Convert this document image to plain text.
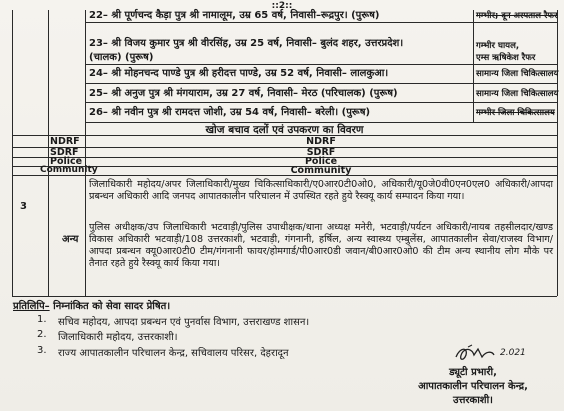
::2::
22– श्री पूर्णचन्द कैड़ा पुत्र श्री नामालूम, उम्र 65 वर्ष, निवासी–रूद्रपुर। (पुरूष)	गम्भीर; दून अस्पताल रैफर
23– श्री विजय कुमार पुत्र श्री वीरसिंह, उम्र 25 वर्ष, निवासी– बुलंद शहर, उत्तरप्रदेश।	गम्भीर घायल,
(चालक) (पुरूष)	एम्स ऋषिकेश रैफर
24– श्री मोहनचन्द पाण्डे पुत्र श्री हरीदत्त पाण्डे, उम्र 52 वर्ष, निवासी– लालकुआ।	सामान्य जिला चिकित्सालय
25– श्री अनुज पुत्र श्री मंगयाराम, उम्र 27 वर्ष, निवासी– मेरठ (परिचालक) (पुरूष)	सामान्य जिला चिकित्सालय
26– श्री नवीन पुत्र श्री रामदत्त जोशी, उम्र 54 वर्ष, निवासी– बरेली। (पुरूष)	गम्भीर जिला चिकित्सालय
खोज बचाव दलों एवं उपकरण का विवरण
NDRF	NDRF
SDRF	SDRF
Police	Police
Community	Community
3
जिलाधिकारी महोदय/अपर जिलाधिकारी/मुख्य चिकित्साधिकारी/ए0आर0टी0ओ0, अधिकारी/यू0जे0वी0एन0एल0 अधिकारी/आपदा प्रबन्धन अधिकारी आदि जनपद आपातकालीन परिचालन में उपस्थित रहते हुये रैस्क्यू कार्य सम्पादन किया गया।
अन्य
पुलिस अधीक्षक/उप जिलाधिकारी भटवाड़ी/पुलिस उपाधीक्षक/थाना अध्यक्ष मनेरी, भटवाड़ी/पर्यटन अधिकारी/नायब तहसीलदार/खण्ड विकास अधिकारी भटवाड़ी/108 उत्तरकाशी, भटवाड़ी, गंगनानी, हर्षिल, अन्य स्वास्थ्य एम्बुलेंस, आपातकालीन सेवा/राजस्व विभाग/आपदा प्रबन्धन क्यू0आर0टी0 टीम/गंगनानी फायर/होमगार्ड/पी0आर0डी जवान/बी0आर0ओ0 की टीम अन्य स्थानीय लोग मौके पर तैनात रहते हुये रैस्क्यू कार्य किया गया।
प्रतिलिपि– निम्नांकित को सेवा सादर प्रेषित।
1.	सचिव महोदय, आपदा प्रबन्धन एवं पुनर्वास विभाग, उत्तराखण्ड शासन।
2.	जिलाधिकारी महोदय, उत्तरकाशी।
3.	राज्य आपातकालीन परिचालन केन्द्र, सचिवालय परिसर, देहरादून	2.021
ड्यूटी प्रभारी,
आपातकालीन परिचालन केन्द्र,
उत्तरकाशी।
